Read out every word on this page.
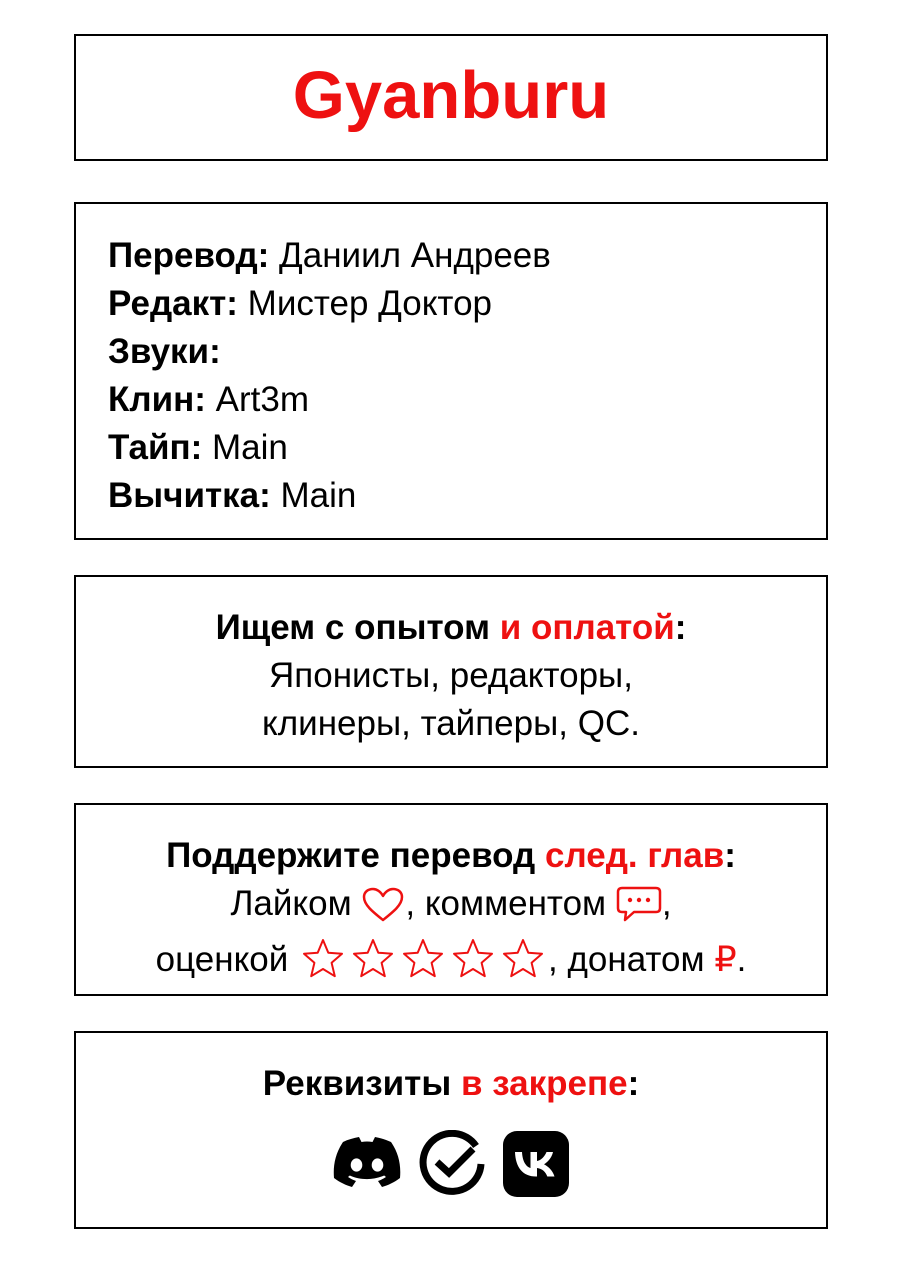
Gyanburu
Перевод: Даниил Андреев
Редакт: Мистер Доктор
Звуки:
Клин: Art3m
Тайп: Main
Вычитка: Main
Ищем с опытом и оплатой:
Японисты, редакторы,
клинеры, тайперы, QC.
Поддержите перевод след. глав:
Лайком , комментом ,
оценкой	, донатом ₽.
Реквизиты в закрепе:
